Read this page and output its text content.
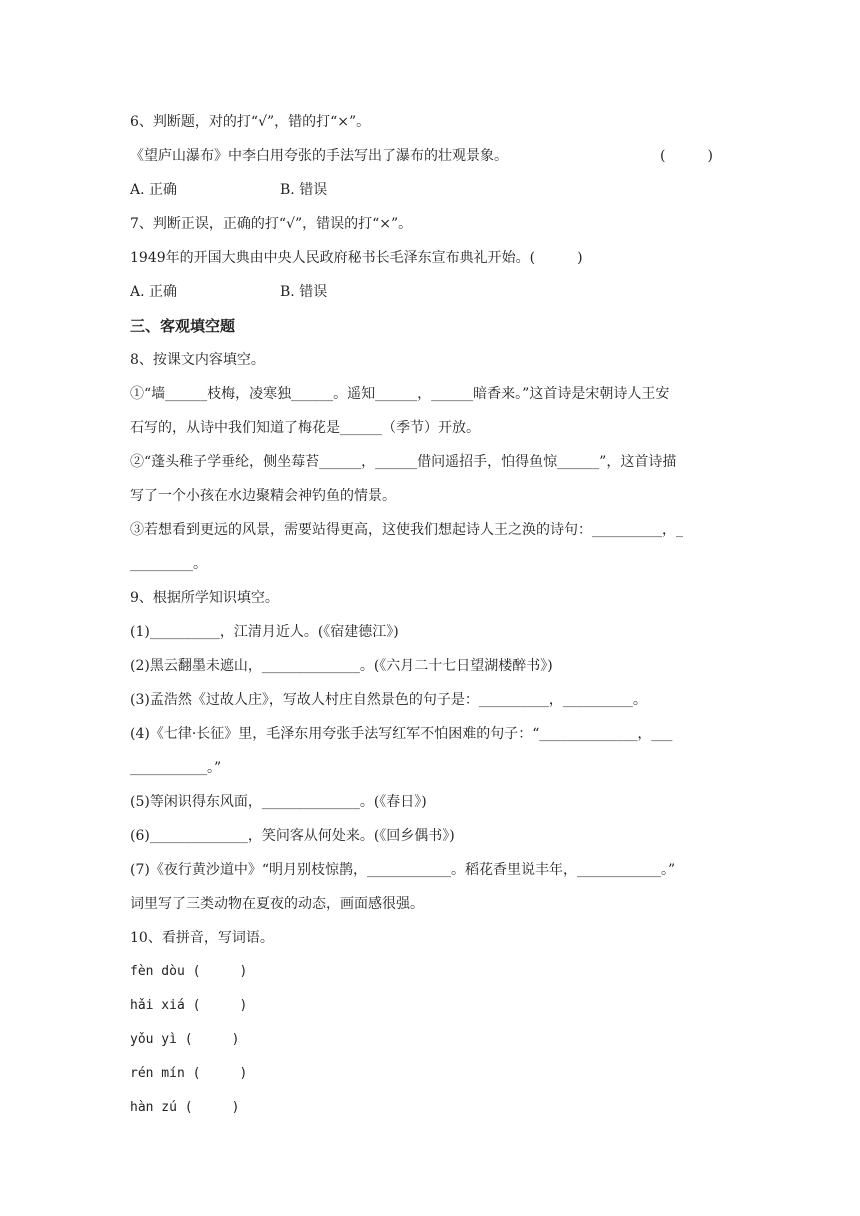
6、判断题，对的打“√”，错的打“×”。
《望庐山瀑布》中李白用夸张的手法写出了瀑布的壮观景象。	(　　　)
A. 正确	B. 错误
7、判断正误，正确的打“√”，错误的打“×”。
1949年的开国大典由中央人民政府秘书长毛泽东宣布典礼开始。(　　　)
A. 正确	B. 错误
三、客观填空题
8、按课文内容填空。
①“墙______枝梅，凌寒独______。遥知______，______暗香来。”这首诗是宋朝诗人王安
石写的，从诗中我们知道了梅花是______（季节）开放。
②“蓬头稚子学垂纶，侧坐莓苔______，______借问遥招手，怕得鱼惊______”，这首诗描
写了一个小孩在水边聚精会神钓鱼的情景。
③若想看到更远的风景，需要站得更高，这使我们想起诗人王之涣的诗句：__________，_
_________。
9、根据所学知识填空。
(1)__________，江清月近人。(《宿建德江》)
(2)黑云翻墨未遮山，______________。(《六月二十七日望湖楼醉书》)
(3)孟浩然《过故人庄》，写故人村庄自然景色的句子是：__________，__________。
(4)《七律·长征》里，毛泽东用夸张手法写红军不怕困难的句子：“______________，___
___________。”
(5)等闲识得东风面，______________。(《春日》)
(6)______________，笑问客从何处来。(《回乡偶书》)
(7)《夜行黄沙道中》“明月别枝惊鹊，____________。稻花香里说丰年，____________。”
词里写了三类动物在夏夜的动态，画面感很强。
10、看拼音，写词语。
fèn dòu (　　　)
hǎi xiá (　　　)
yǒu yì (　　　)
rén mín (　　　)
hàn zú (　　　)
